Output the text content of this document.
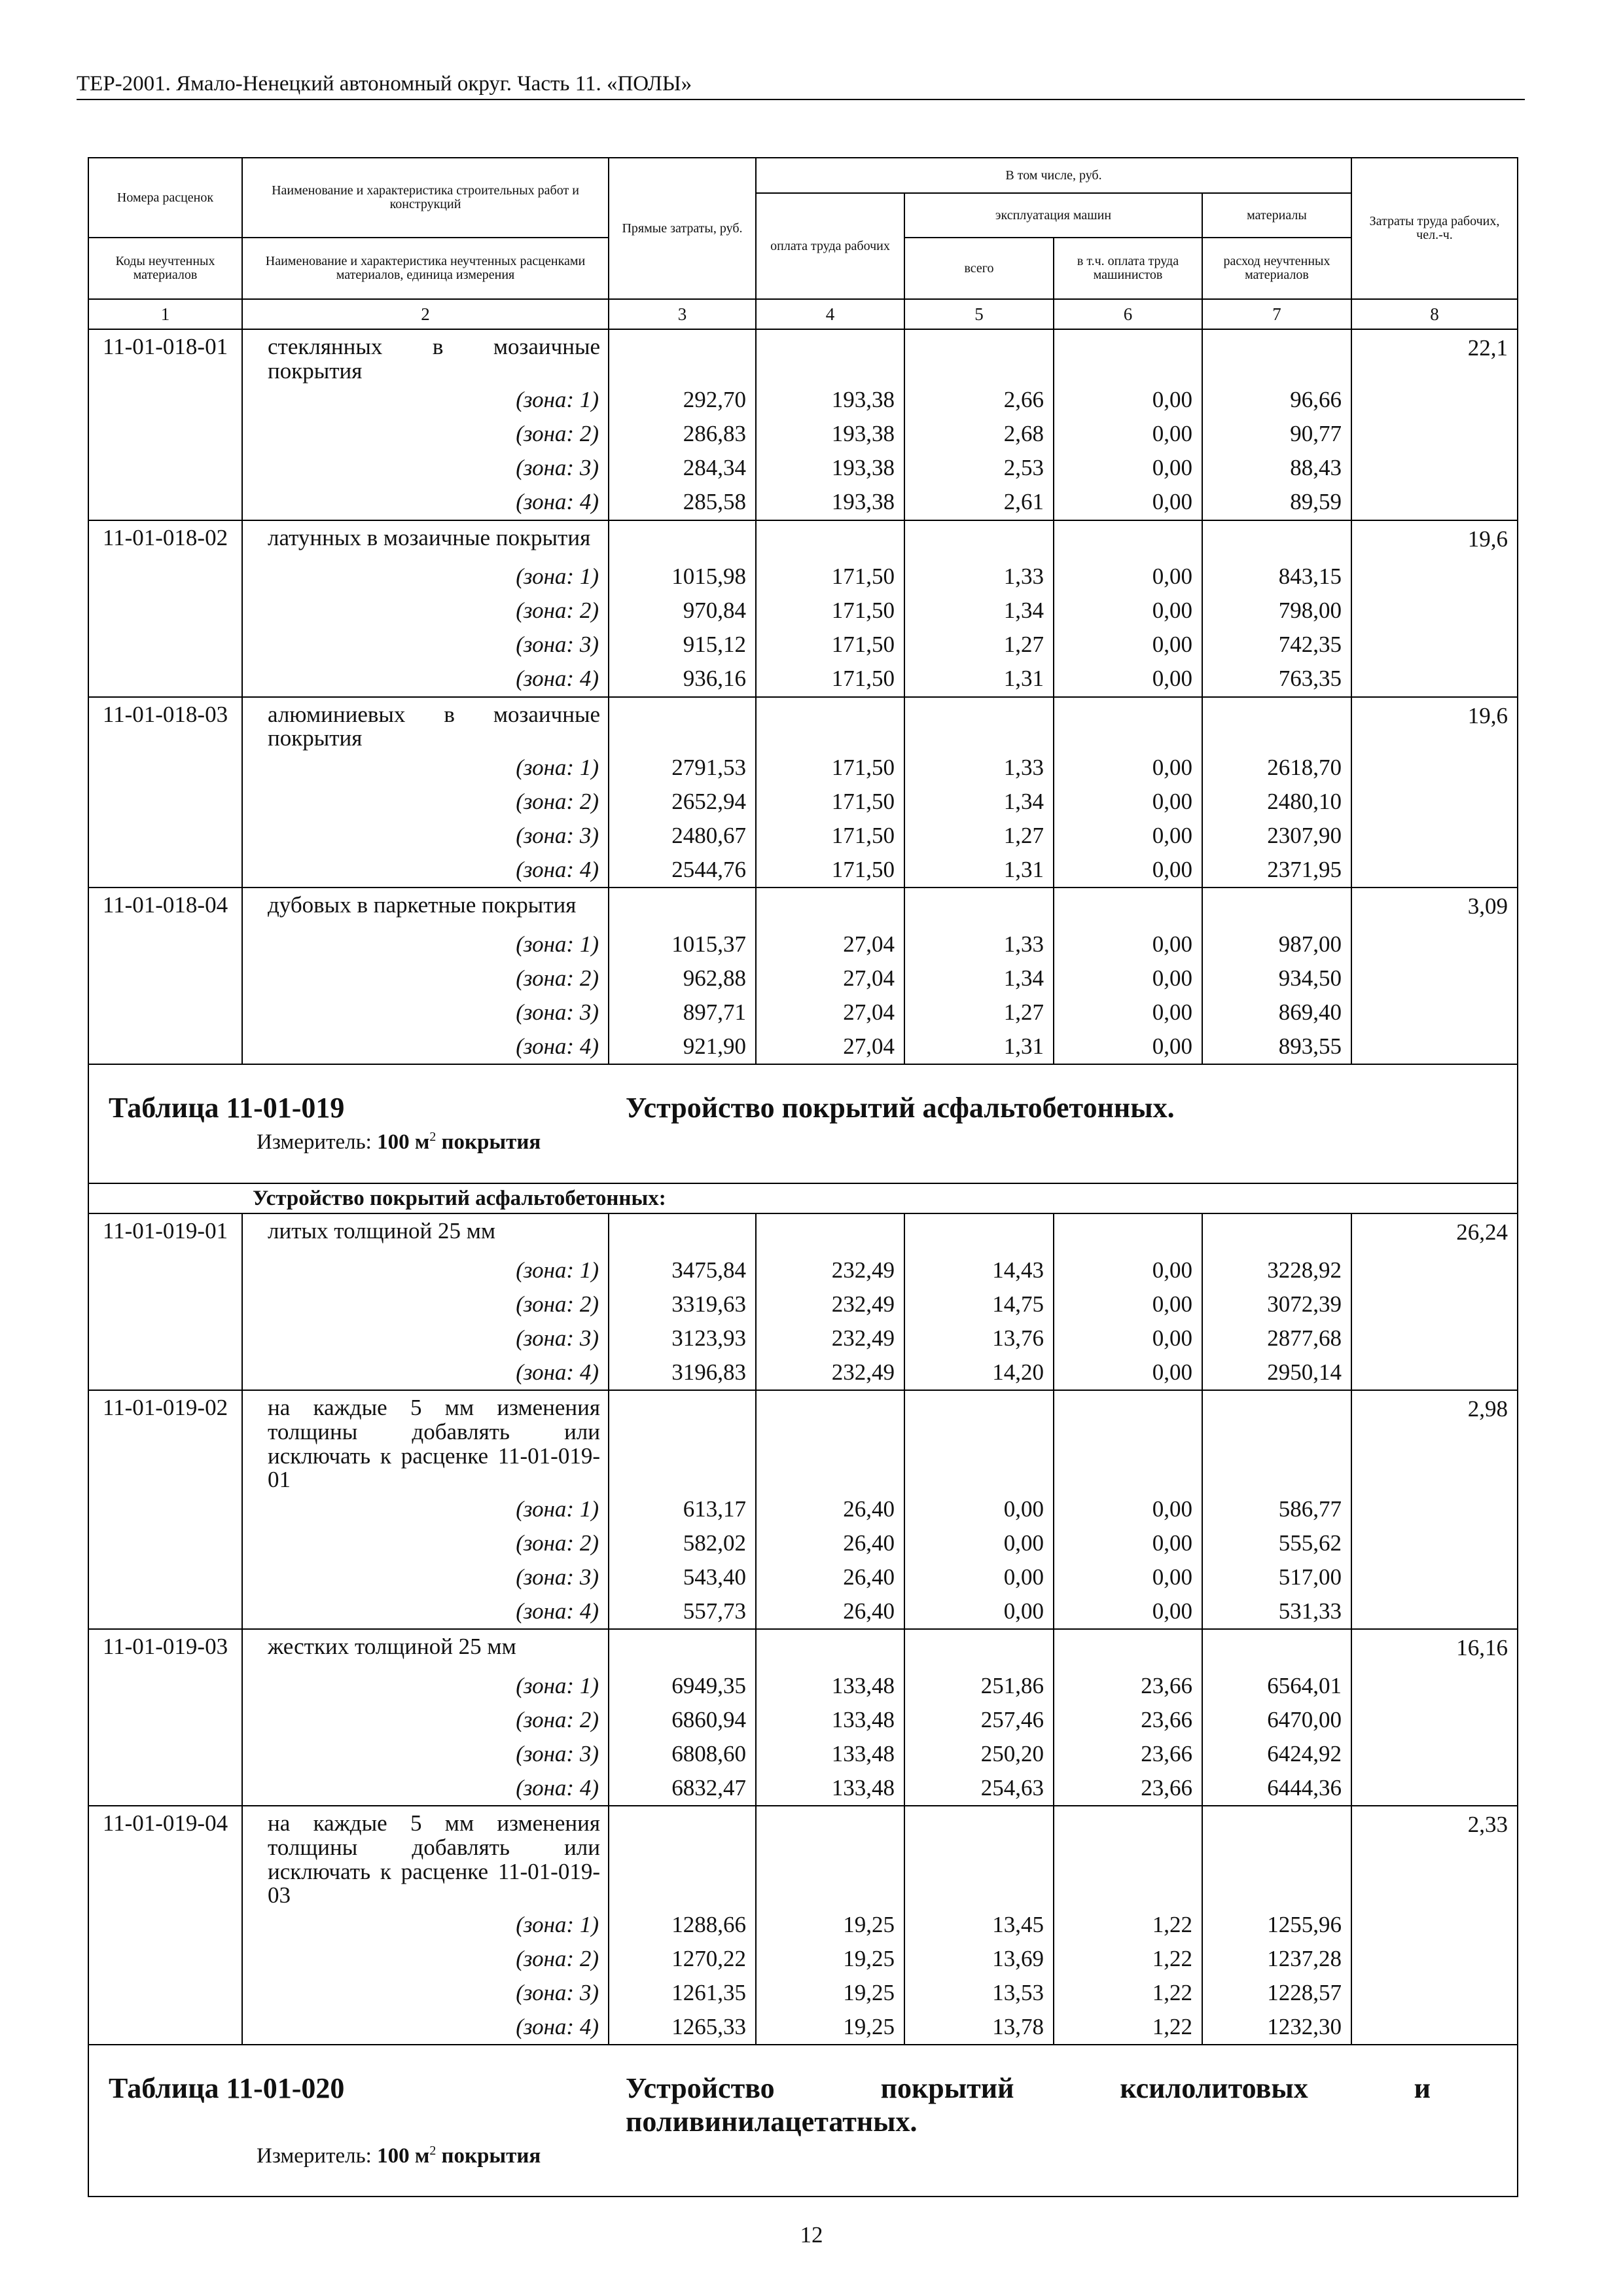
ТЕР-2001. Ямало-Ненецкий автономный округ. Часть 11. «ПОЛЫ»
Номера расценок	Наименование и характеристика строительных работ и конструкций	Прямые затраты, руб.	В том числе, руб.				Затраты труда рабочих, чел.-ч.
			оплата труда рабочих	эксплуатация машин		материалы	
Коды неучтенных материалов	Наименование и характеристика неучтенных расценками материалов, единица измерения			всего	в т.ч. оплата труда машинистов	расход неучтенных материалов	
1	2	3	4	5	6	7	8
11-01-018-01	стеклянных в мозаичные покрытия						22,1
	(зона: 1)	292,70	193,38	2,66	0,00	96,66	
	(зона: 2)	286,83	193,38	2,68	0,00	90,77	
	(зона: 3)	284,34	193,38	2,53	0,00	88,43	
	(зона: 4)	285,58	193,38	2,61	0,00	89,59	
11-01-018-02	латунных в мозаичные покрытия						19,6
	(зона: 1)	1015,98	171,50	1,33	0,00	843,15	
	(зона: 2)	970,84	171,50	1,34	0,00	798,00	
	(зона: 3)	915,12	171,50	1,27	0,00	742,35	
	(зона: 4)	936,16	171,50	1,31	0,00	763,35	
11-01-018-03	алюминиевых в мозаичные покрытия						19,6
	(зона: 1)	2791,53	171,50	1,33	0,00	2618,70	
	(зона: 2)	2652,94	171,50	1,34	0,00	2480,10	
	(зона: 3)	2480,67	171,50	1,27	0,00	2307,90	
	(зона: 4)	2544,76	171,50	1,31	0,00	2371,95	
11-01-018-04	дубовых в паркетные покрытия						3,09
	(зона: 1)	1015,37	27,04	1,33	0,00	987,00	
	(зона: 2)	962,88	27,04	1,34	0,00	934,50	
	(зона: 3)	897,71	27,04	1,27	0,00	869,40	
	(зона: 4)	921,90	27,04	1,31	0,00	893,55	
Таблица 11-01-019 Устройство покрытий асфальтобетонных.
Измеритель: 100 $м^2$ покрытия							

Устройство покрытий асфальтобетонных:							
11-01-019-01	литых толщиной 25 мм						26,24
	(зона: 1)	3475,84	232,49	14,43	0,00	3228,92	
	(зона: 2)	3319,63	232,49	14,75	0,00	3072,39	
	(зона: 3)	3123,93	232,49	13,76	0,00	2877,68	
	(зона: 4)	3196,83	232,49	14,20	0,00	2950,14	
11-01-019-02	на каждые 5 мм изменения толщины добавлять или исключать к расценке 11-01-019-01						2,98
	(зона: 1)	613,17	26,40	0,00	0,00	586,77	
	(зона: 2)	582,02	26,40	0,00	0,00	555,62	
	(зона: 3)	543,40	26,40	0,00	0,00	517,00	
	(зона: 4)	557,73	26,40	0,00	0,00	531,33	
11-01-019-03	жестких толщиной 25 мм						16,16
	(зона: 1)	6949,35	133,48	251,86	23,66	6564,01	
	(зона: 2)	6860,94	133,48	257,46	23,66	6470,00	
	(зона: 3)	6808,60	133,48	250,20	23,66	6424,92	
	(зона: 4)	6832,47	133,48	254,63	23,66	6444,36	
11-01-019-04	на каждые 5 мм изменения толщины добавлять или исключать к расценке 11-01-019-03						2,33
	(зона: 1)	1288,66	19,25	13,45	1,22	1255,96	
	(зона: 2)	1270,22	19,25	13,69	1,22	1237,28	
	(зона: 3)	1261,35	19,25	13,53	1,22	1228,57	
	(зона: 4)	1265,33	19,25	13,78	1,22	1232,30	
Таблица 11-01-020 Устройство покрытий ксилолитовых и поливинилацетатных.
Измеритель: 100 $м^2$ покрытия							
12
